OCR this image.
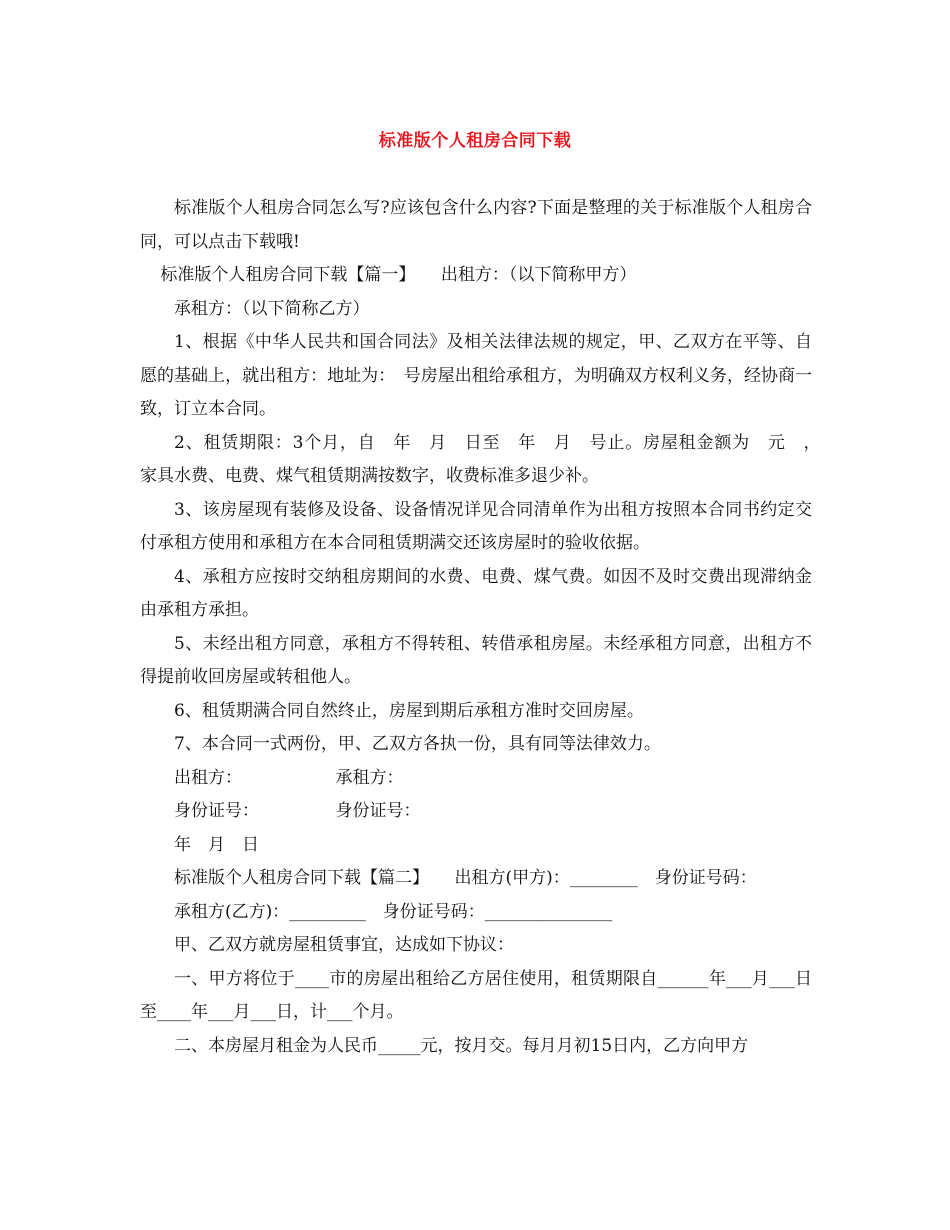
标准版个人租房合同下载

标准版个人租房合同怎么写?应该包含什么内容?下面是整理的关于标准版个人租房合同，可以点击下载哦!

标准版个人租房合同下载【篇一】　　出租方：（以下简称甲方）

承租方：（以下简称乙方）

1、根据《中华人民共和国合同法》及相关法律法规的规定，甲、乙双方在平等、自愿的基础上，就出租方：地址为：　号房屋出租给承租方，为明确双方权利义务，经协商一致，订立本合同。

2、租赁期限：3个月，自　年　月　日至　年　月　号止。房屋租金额为　元　，　家具水费、电费、煤气租赁期满按数字，收费标准多退少补。

3、该房屋现有装修及设备、设备情况详见合同清单作为出租方按照本合同书约定交付承租方使用和承租方在本合同租赁期满交还该房屋时的验收依据。

4、承租方应按时交纳租房期间的水费、电费、煤气费。如因不及时交费出现滞纳金由承租方承担。

5、未经出租方同意，承租方不得转租、转借承租房屋。未经承租方同意，出租方不得提前收回房屋或转租他人。

6、租赁期满合同自然终止，房屋到期后承租方准时交回房屋。

7、本合同一式两份，甲、乙双方各执一份，具有同等法律效力。

出租方：　　　　　　承租方：

身份证号：　　　　　身份证号：

年　月　日

标准版个人租房合同下载【篇二】　　出租方(甲方)：________　身份证号码：

承租方(乙方)：_________　身份证号码：_______________

甲、乙双方就房屋租赁事宜，达成如下协议：

一、甲方将位于____市的房屋出租给乙方居住使用，租赁期限自______年___月___日至____年___月___日，计___个月。

二、本房屋月租金为人民币_____元，按月交。每月月初15日内，乙方向甲方
